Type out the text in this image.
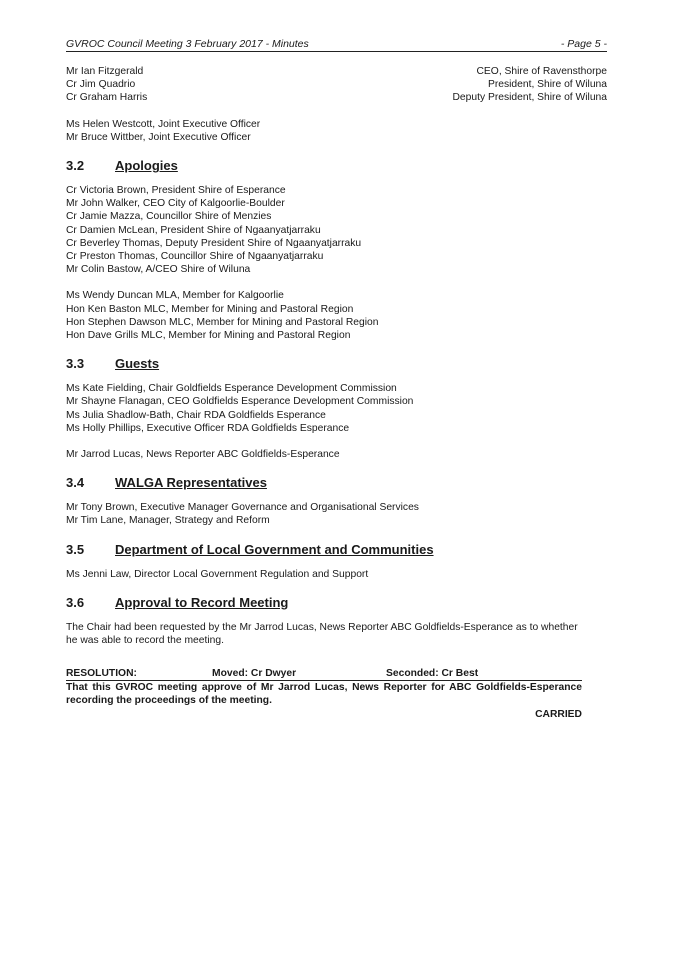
GVROC Council Meeting 3 February 2017 - Minutes	- Page 5 -
Mr Ian Fitzgerald	CEO, Shire of Ravensthorpe
Cr Jim Quadrio	President, Shire of Wiluna
Cr Graham Harris	Deputy President, Shire of Wiluna
Ms Helen Westcott, Joint Executive Officer
Mr Bruce Wittber, Joint Executive Officer
3.2	Apologies
Cr Victoria Brown, President Shire of Esperance
Mr John Walker, CEO City of Kalgoorlie-Boulder
Cr Jamie Mazza, Councillor Shire of Menzies
Cr Damien McLean, President Shire of Ngaanyatjarraku
Cr Beverley Thomas, Deputy President Shire of Ngaanyatjarraku
Cr Preston Thomas, Councillor Shire of Ngaanyatjarraku
Mr Colin Bastow, A/CEO Shire of Wiluna
Ms Wendy Duncan MLA, Member for Kalgoorlie
Hon Ken Baston MLC, Member for Mining and Pastoral Region
Hon Stephen Dawson MLC, Member for Mining and Pastoral Region
Hon Dave Grills MLC, Member for Mining and Pastoral Region
3.3	Guests
Ms Kate Fielding, Chair Goldfields Esperance Development Commission
Mr Shayne Flanagan, CEO Goldfields Esperance Development Commission
Ms Julia Shadlow-Bath, Chair RDA Goldfields Esperance
Ms Holly Phillips, Executive Officer RDA Goldfields Esperance
Mr Jarrod Lucas, News Reporter ABC Goldfields-Esperance
3.4	WALGA Representatives
Mr Tony Brown, Executive Manager Governance and Organisational Services
Mr Tim Lane, Manager, Strategy and Reform
3.5	Department of Local Government and Communities
Ms Jenni Law, Director Local Government Regulation and Support
3.6	Approval to Record Meeting
The Chair had been requested by the Mr Jarrod Lucas, News Reporter ABC Goldfields-Esperance as to whether he was able to record the meeting.
RESOLUTION:	Moved: Cr Dwyer	Seconded: Cr Best
That this GVROC meeting approve of Mr Jarrod Lucas, News Reporter for ABC Goldfields-Esperance recording the proceedings of the meeting.
CARRIED
